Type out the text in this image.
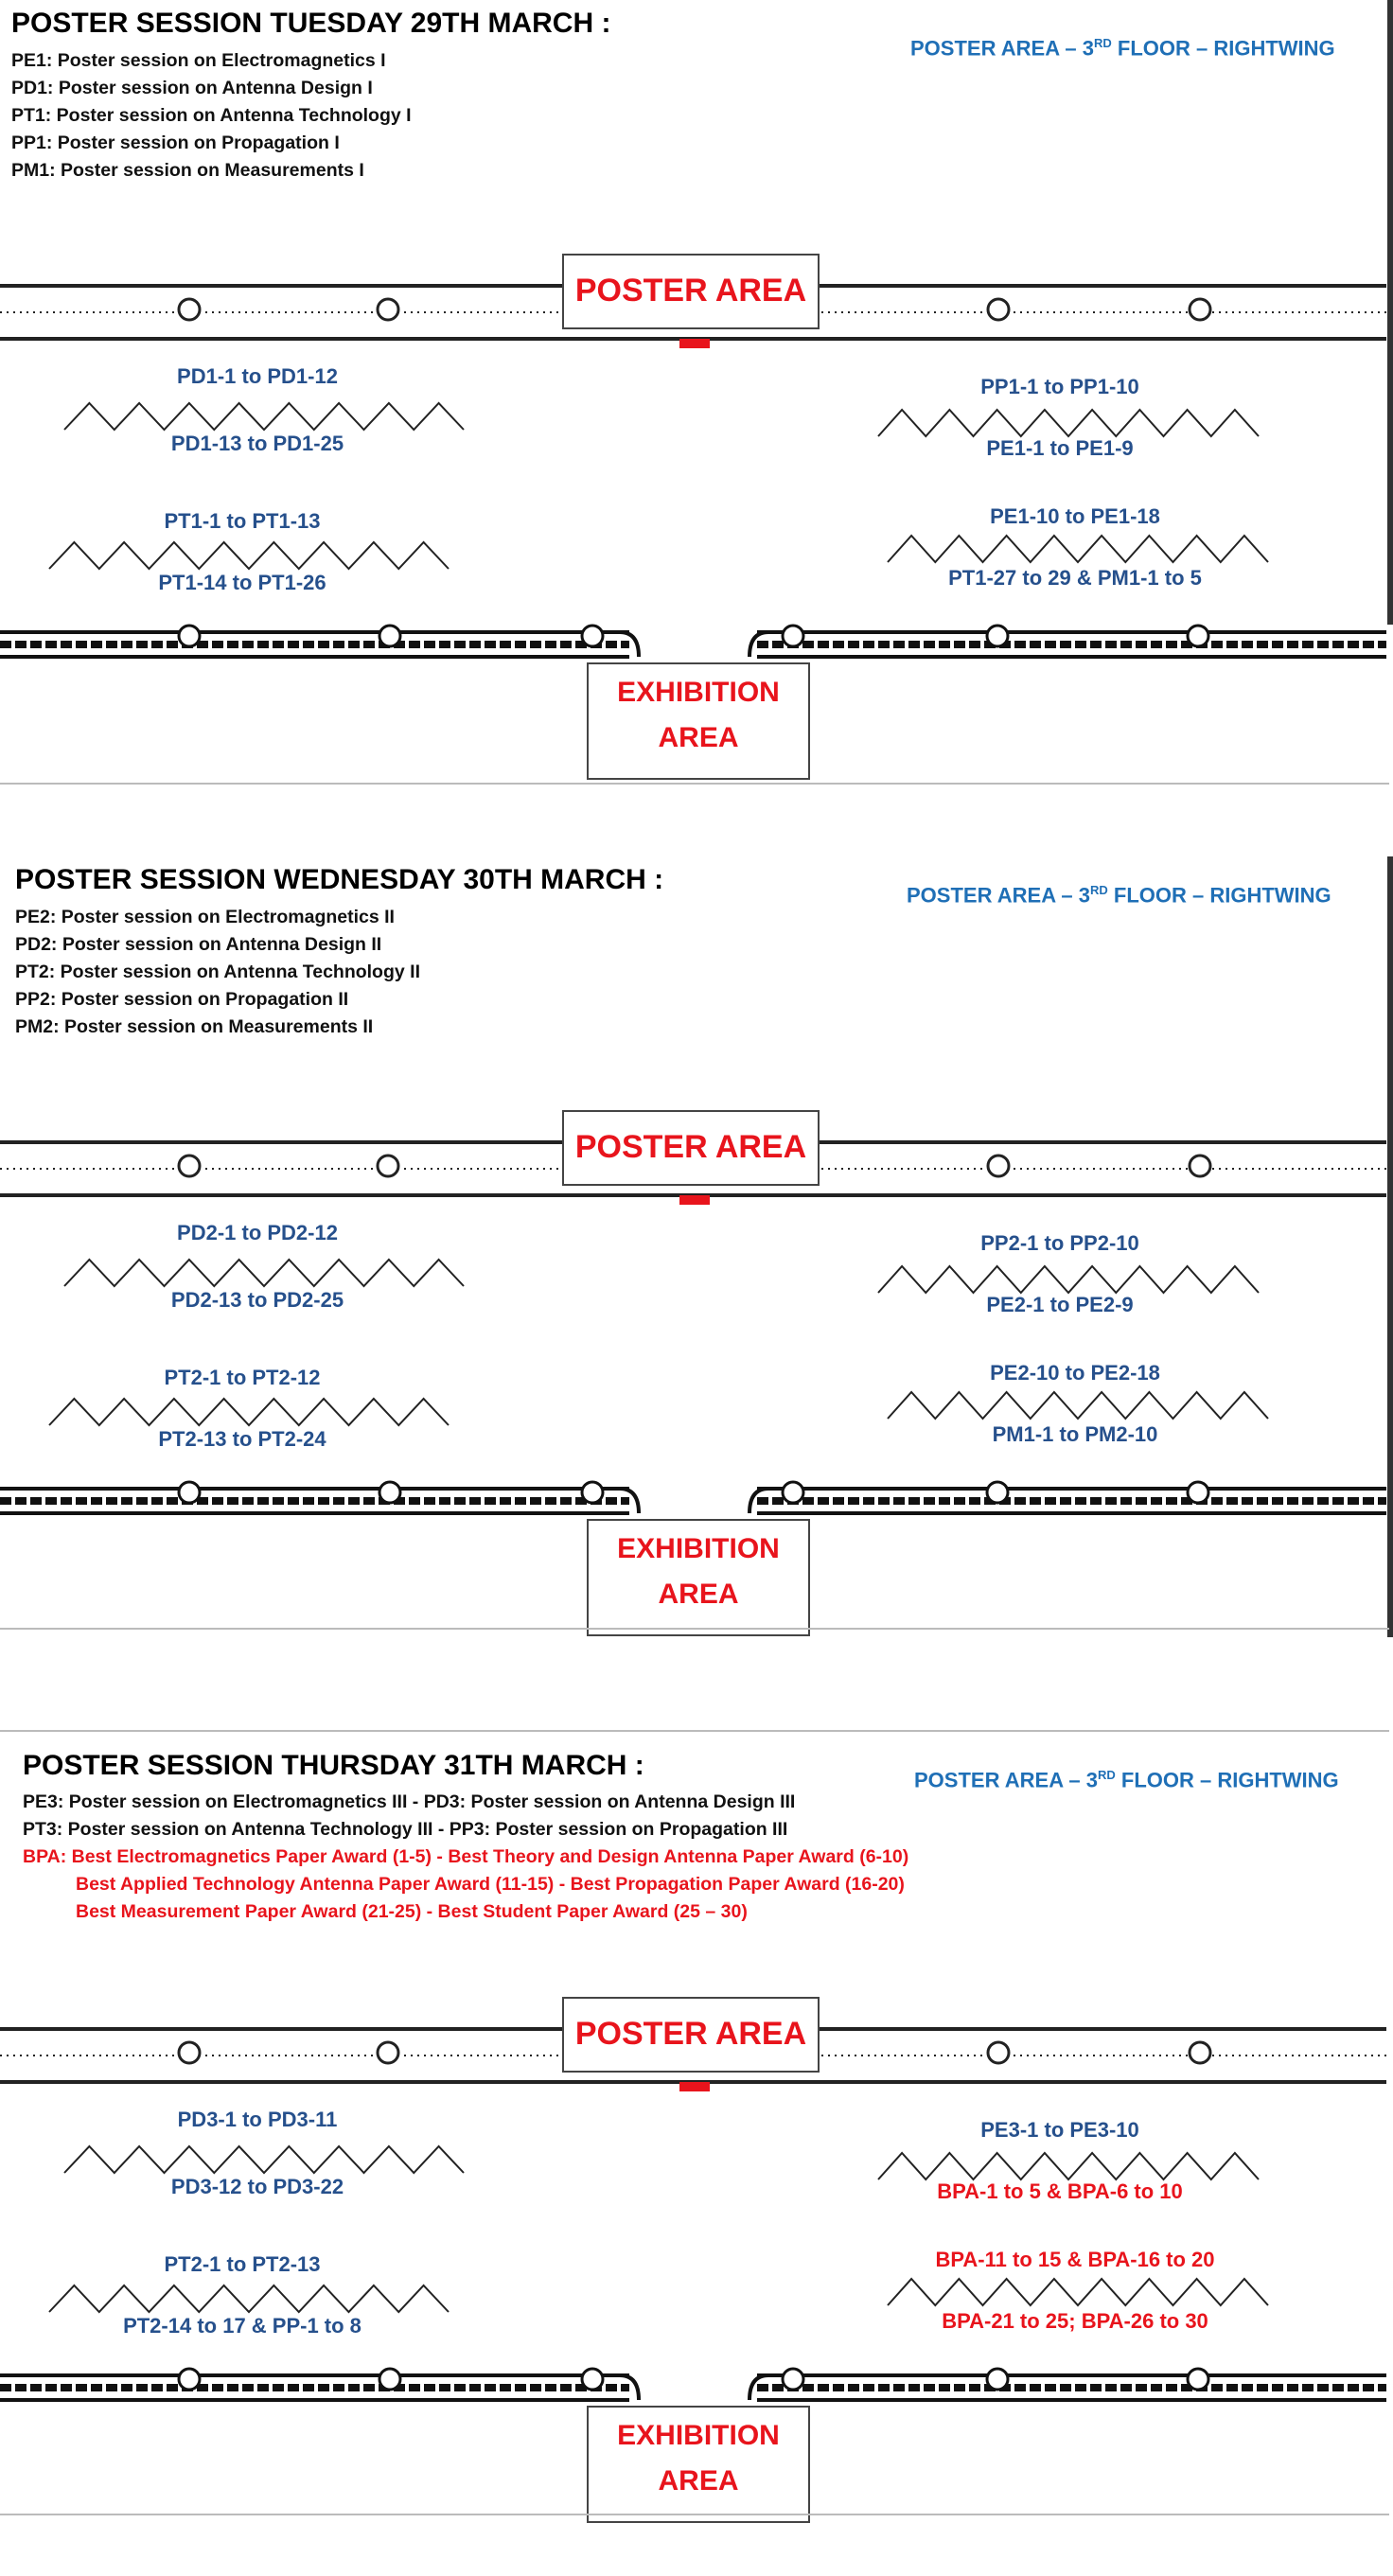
POSTER SESSION TUESDAY 29TH MARCH :
PE1: Poster session on Electromagnetics I
PD1: Poster session on Antenna Design I
PT1: Poster session on Antenna Technology I
PP1: Poster session on Propagation I
PM1: Poster session on Measurements I
POSTER AREA – 3RD FLOOR – RIGHTWING
POSTER AREA
EXHIBITION
AREA
PD1-1 to PD1-12
PD1-13 to PD1-25
PT1-1 to PT1-13
PT1-14 to PT1-26
PP1-1 to PP1-10
PE1-1 to PE1-9
PE1-10 to PE1-18
PT1-27 to 29 & PM1-1 to 5
POSTER SESSION WEDNESDAY 30TH MARCH :
PE2: Poster session on Electromagnetics II
PD2: Poster session on Antenna Design II
PT2: Poster session on Antenna Technology II
PP2: Poster session on Propagation II
PM2: Poster session on Measurements II
POSTER AREA – 3RD FLOOR – RIGHTWING
POSTER AREA
EXHIBITION
AREA
PD2-1 to PD2-12
PD2-13 to PD2-25
PT2-1 to PT2-12
PT2-13 to PT2-24
PP2-1 to PP2-10
PE2-1 to PE2-9
PE2-10 to PE2-18
PM1-1 to PM2-10
POSTER SESSION THURSDAY 31TH MARCH :
PE3: Poster session on Electromagnetics III - PD3: Poster session on Antenna Design III
PT3: Poster session on Antenna Technology III - PP3: Poster session on Propagation III
BPA: Best Electromagnetics Paper Award (1-5) - Best Theory and Design Antenna Paper Award (6-10)
Best Applied Technology Antenna Paper Award (11-15) - Best Propagation Paper Award (16-20)
Best Measurement Paper Award (21-25) - Best Student Paper Award (25 – 30)
POSTER AREA – 3RD FLOOR – RIGHTWING
POSTER AREA
EXHIBITION
AREA
PD3-1 to PD3-11
PD3-12 to PD3-22
PT2-1 to PT2-13
PT2-14 to 17 & PP-1 to 8
PE3-1 to PE3-10
BPA-1 to 5 & BPA-6 to 10
BPA-11 to 15 & BPA-16 to 20
BPA-21 to 25; BPA-26 to 30
